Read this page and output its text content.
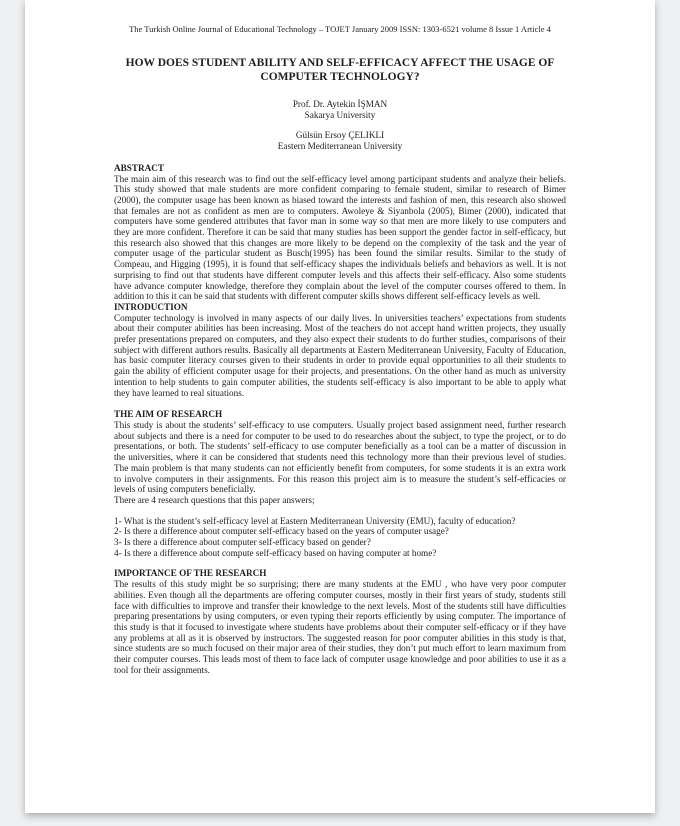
The Turkish Online Journal of Educational Technology – TOJET January 2009 ISSN: 1303-6521 volume 8 Issue 1 Article 4
HOW DOES STUDENT ABILITY AND SELF-EFFICACY AFFECT THE USAGE OF COMPUTER TECHNOLOGY?
Prof. Dr. Aytekin İŞMAN
Sakarya University
Gülsün Ersoy ÇELIKLI
Eastern Mediterranean University
ABSTRACT
The main aim of this research was to find out the self-efficacy level among participant students and analyze their beliefs. This study showed that male students are more confident comparing to female student, similar to research of Bimer (2000), the computer usage has been known as biased toward the interests and fashion of men, this research also showed that females are not as confident as men are to computers. Awoleye & Siyanbola (2005), Bimer (2000), indicated that computers have some gendered attributes that favor man in some way so that men are more likely to use computers and they are more confident. Therefore it can be said that many studies has been support the gender factor in self-efficacy, but this research also showed that this changes are more likely to be depend on the complexity of the task and the year of computer usage of the particular student as Busch(1995) has been found the similar results. Similar to the study of Compeau, and Higging (1995), it is found that self-efficacy shapes the individuals beliefs and behaviors as well. It is not surprising to find out that students have different computer levels and this affects their self-efficacy. Also some students have advance computer knowledge, therefore they complain about the level of the computer courses offered to them. In addition to this it can be said that students with different computer skills shows different self-efficacy levels as well.
INTRODUCTION
Computer technology is involved in many aspects of our daily lives. In universities teachers’ expectations from students about their computer abilities has been increasing. Most of the teachers do not accept hand written projects, they usually prefer presentations prepared on computers, and they also expect their students to do further studies, comparisons of their subject with different authors results. Basically all departments at Eastern Mediterranean University, Faculty of Education, has basic computer literacy courses given to their students in order to provide equal opportunities to all their students to gain the ability of efficient computer usage for their projects, and presentations. On the other hand as much as university intention to help students to gain computer abilities, the students self-efficacy is also important to be able to apply what they have learned to real situations.
THE AIM OF RESEARCH
This study is about the students’ self-efficacy to use computers. Usually project based assignment need, further research about subjects and there is a need for computer to be used to do researches about the subject, to type the project, or to do presentations, or both. The students’ self-efficacy to use computer beneficially as a tool can be a matter of discussion in the universities, where it can be considered that students need this technology more than their previous level of studies. The main problem is that many students can not efficiently benefit from computers, for some students it is an extra work to involve computers in their assignments. For this reason this project aim is to measure the student’s self-efficacies or levels of using computers beneficially.
There are 4 research questions that this paper answers;
1- What is the student’s self-efficacy level at Eastern Mediterranean University (EMU), faculty of education?
2- Is there a difference about computer self-efficacy based on the years of computer usage?
3- Is there a difference about computer self-efficacy based on gender?
4- Is there a difference about compute self-efficacy based on having computer at home?
IMPORTANCE OF THE RESEARCH
The results of this study might be so surprising; there are many students at the EMU , who have very poor computer abilities. Even though all the departments are offering computer courses, mostly in their first years of study, students still face with difficulties to improve and transfer their knowledge to the next levels. Most of the students still have difficulties preparing presentations by using computers, or even typing their reports efficiently by using computer. The importance of this study is that it focused to investigate where students have problems about their computer self-efficacy or if they have any problems at all as it is observed by instructors. The suggested reason for poor computer abilities in this study is that, since students are so much focused on their major area of their studies, they don’t put much effort to learn maximum from their computer courses. This leads most of them to face lack of computer usage knowledge and poor abilities to use it as a tool for their assignments.
